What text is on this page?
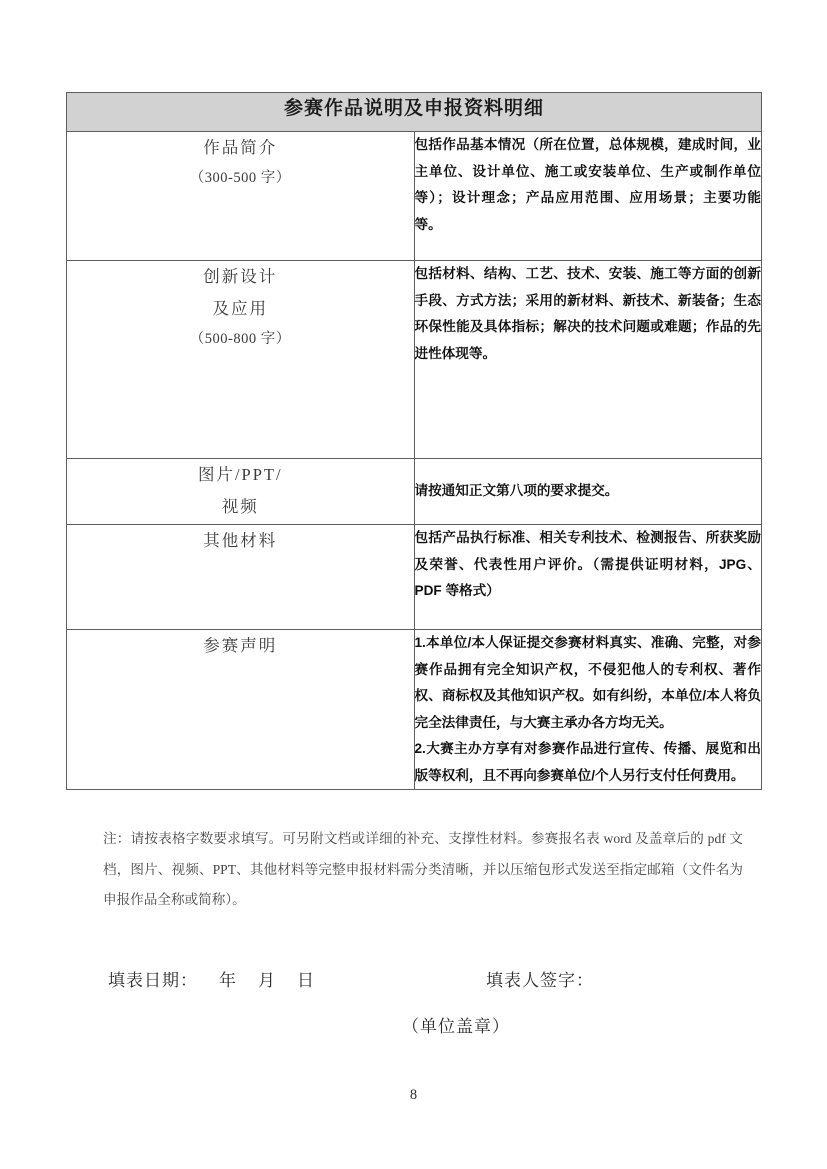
参赛作品说明及申报资料明细	

作品简介
（300-500 字）	包括作品基本情况（所在位置，总体规模，建成时间，业主单位、设计单位、施工或安装单位、生产或制作单位等）；设计理念；产品应用范围、应用场景；主要功能等。

创新设计
及应用
（500-800 字）	包括材料、结构、工艺、技术、安装、施工等方面的创新手段、方式方法；采用的新材料、新技术、新装备；生态环保性能及具体指标；解决的技术问题或难题；作品的先进性体现等。

图片/PPT/
视频	请按通知正文第八项的要求提交。

其他材料	包括产品执行标准、相关专利技术、检测报告、所获奖励及荣誉、代表性用户评价。（需提供证明材料，JPG、PDF 等格式）

参赛声明	1.本单位/本人保证提交参赛材料真实、准确、完整，对参赛作品拥有完全知识产权，不侵犯他人的专利权、著作权、商标权及其他知识产权。如有纠纷，本单位/本人将负完全法律责任，与大赛主承办各方均无关。

2.大赛主办方享有对参赛作品进行宣传、传播、展览和出版等权利，且不再向参赛单位/个人另行支付任何费用。

注：请按表格字数要求填写。可另附文档或详细的补充、支撑性材料。参赛报名表 word 及盖章后的 pdf 文档，图片、视频、PPT、其他材料等完整申报材料需分类清晰，并以压缩包形式发送至指定邮箱（文件名为申报作品全称或简称）。

填表日期：    年    月    日	填表人签字：
（单位盖章）
8
